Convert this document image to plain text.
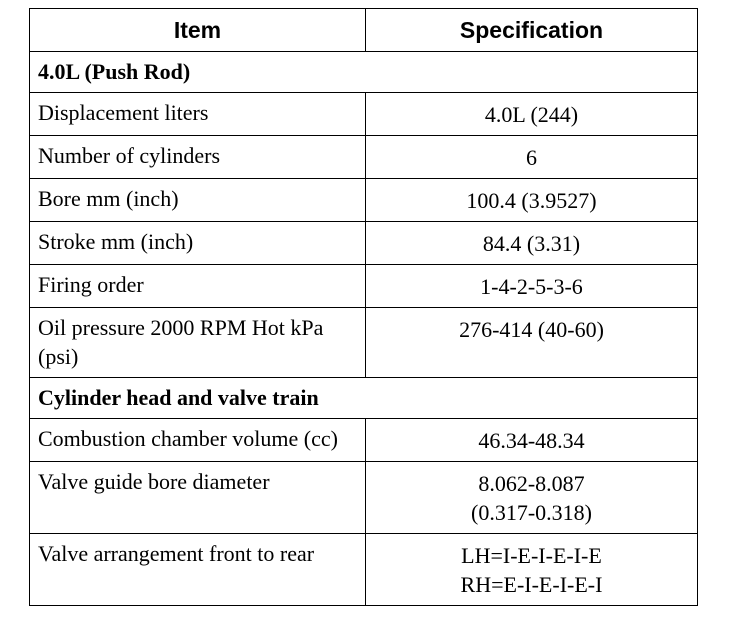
Item	Specification
4.0L (Push Rod)	
Displacement liters	4.0L (244)

Number of cylinders	6

Bore mm (inch)	100.4 (3.9527)

Stroke mm (inch)	84.4 (3.31)

Firing order	1-4-2-5-3-6

Oil pressure 2000 RPM Hot kPa (psi)	276-414 (40-60)

Cylinder head and valve train	
Combustion chamber volume (cc)	46.34-48.34

Valve guide bore diameter	8.062-8.087
(0.317-0.318)

Valve arrangement front to rear	LH=I-E-I-E-I-E
RH=E-I-E-I-E-I
